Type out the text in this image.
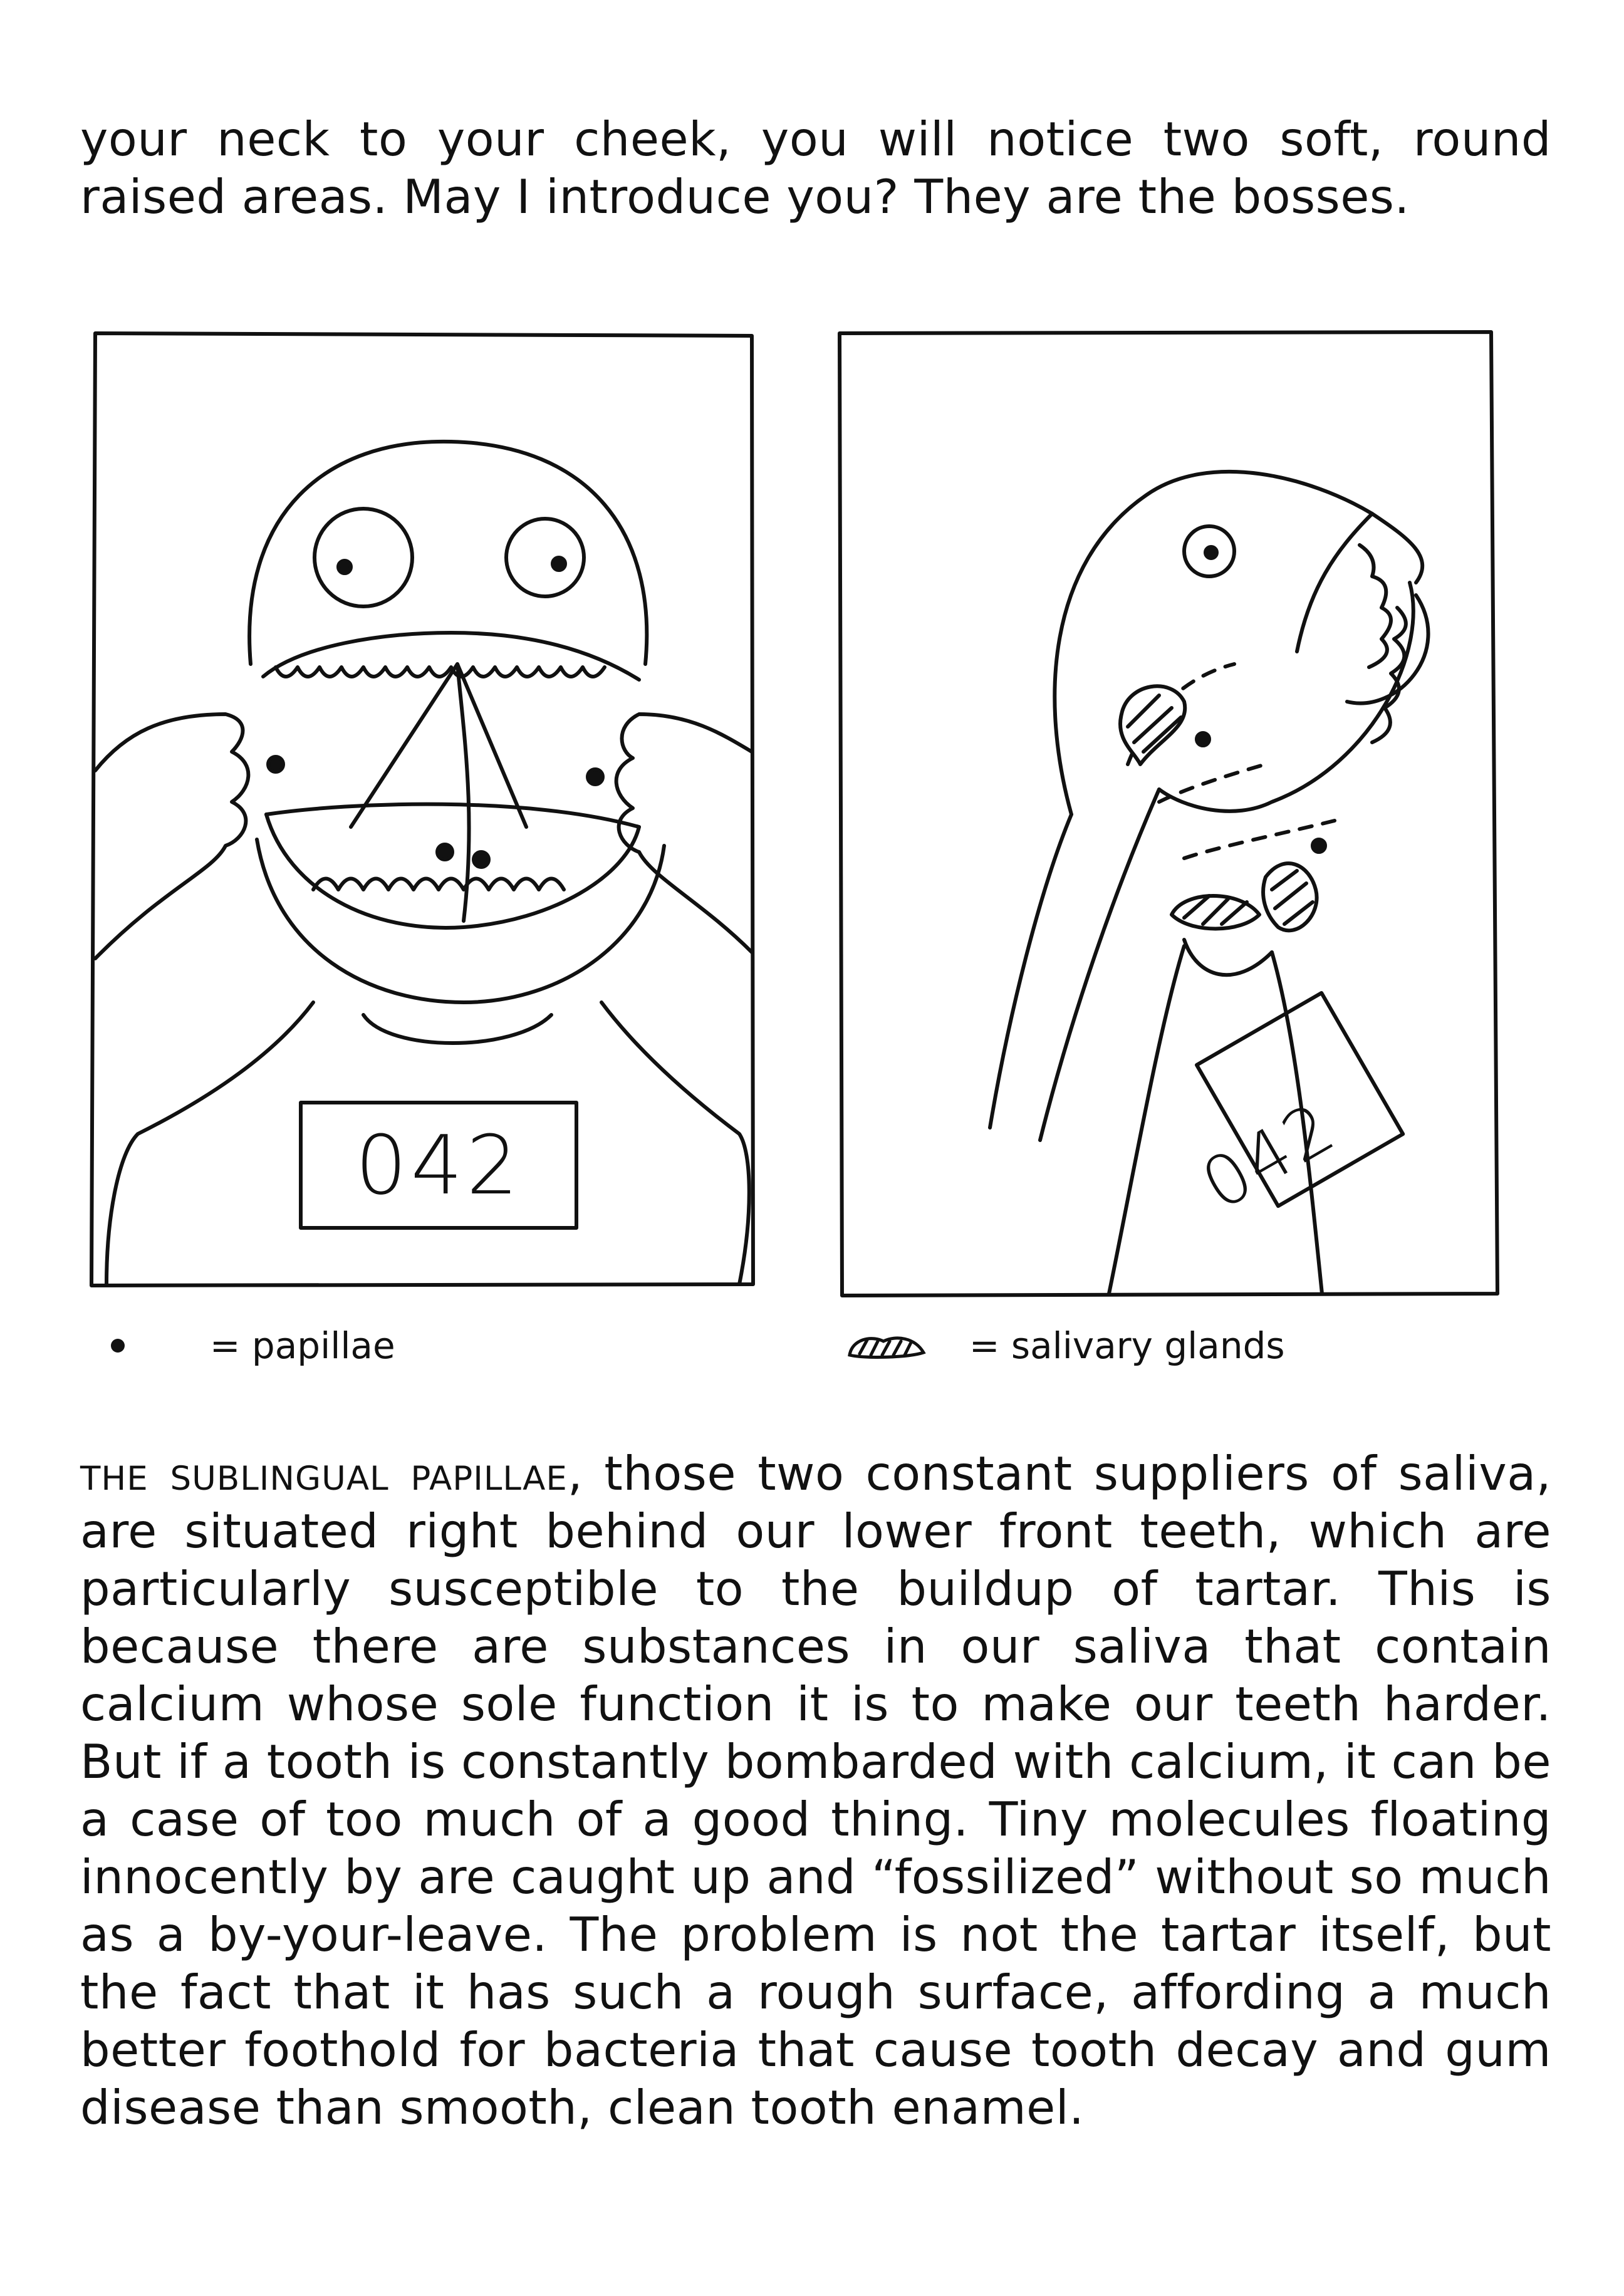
your neck to your cheek, you will notice two soft, round raised areas. May I introduce you? They are the bosses.

042	042
= papillae	= salivary glands

the sublingual papillae, those two constant suppliers of saliva, are situated right behind our lower front teeth, which are particularly susceptible to the buildup of tartar. This is because there are substances in our saliva that contain calcium whose sole function it is to make our teeth harder. But if a tooth is constantly bombarded with calcium, it can be a case of too much of a good thing. Tiny molecules floating innocently by are caught up and “fossilized” without so much as a by-your-leave. The problem is not the tartar itself, but the fact that it has such a rough surface, affording a much better foothold for bacteria that cause tooth decay and gum disease than smooth, clean tooth enamel.
